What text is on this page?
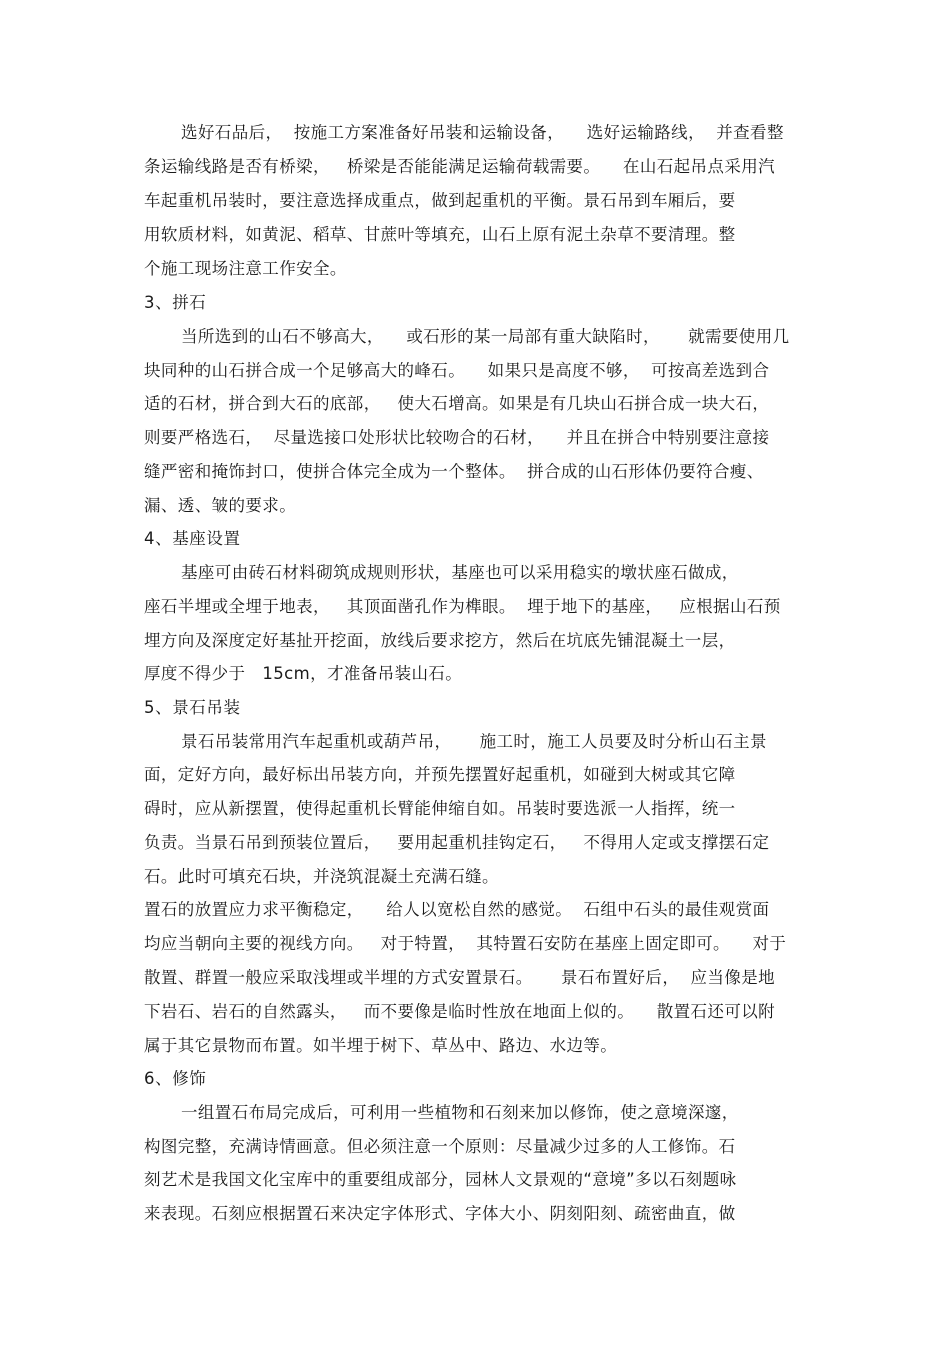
选好石品后，  按施工方案准备好吊装和运输设备，    选好运输路线，  并查看整
条运输线路是否有桥梁，   桥梁是否能能满足运输荷载需要。    在山石起吊点采用汽
车起重机吊装时，要注意选择成重点，做到起重机的平衡。景石吊到车厢后，要
用软质材料，如黄泥、稻草、甘蔗叶等填充，山石上原有泥土杂草不要清理。整
个施工现场注意工作安全。
3、拼石
当所选到的山石不够高大，    或石形的某一局部有重大缺陷时，     就需要使用几
块同种的山石拼合成一个足够高大的峰石。    如果只是高度不够，  可按高差选到合
适的石材，拼合到大石的底部，   使大石增高。如果是有几块山石拼合成一块大石，
则要严格选石，  尽量选接口处形状比较吻合的石材，    并且在拼合中特别要注意接
缝严密和掩饰封口，使拼合体完全成为一个整体。  拼合成的山石形体仍要符合瘦、
漏、透、皱的要求。
4、基座设置
基座可由砖石材料砌筑成规则形状，基座也可以采用稳实的墩状座石做成，
座石半埋或全埋于地表，   其顶面凿孔作为榫眼。  埋于地下的基座，   应根据山石预
埋方向及深度定好基扯开挖面，放线后要求挖方，然后在坑底先铺混凝土一层，
厚度不得少于   15cm，才准备吊装山石。
5、景石吊装
景石吊装常用汽车起重机或葫芦吊，     施工时，施工人员要及时分析山石主景
面，定好方向，最好标出吊装方向，并预先摆置好起重机，如碰到大树或其它障
碍时，应从新摆置，使得起重机长臂能伸缩自如。吊装时要选派一人指挥，统一
负责。当景石吊到预装位置后，   要用起重机挂钩定石，   不得用人定或支撑摆石定
石。此时可填充石块，并浇筑混凝土充满石缝。
置石的放置应力求平衡稳定，    给人以宽松自然的感觉。  石组中石头的最佳观赏面
均应当朝向主要的视线方向。   对于特置，  其特置石安防在基座上固定即可。    对于
散置、群置一般应采取浅埋或半埋的方式安置景石。     景石布置好后，  应当像是地
下岩石、岩石的自然露头，   而不要像是临时性放在地面上似的。    散置石还可以附
属于其它景物而布置。如半埋于树下、草丛中、路边、水边等。
6、修饰
一组置石布局完成后，可利用一些植物和石刻来加以修饰，使之意境深邃，
构图完整，充满诗情画意。但必须注意一个原则：尽量减少过多的人工修饰。石
刻艺术是我国文化宝库中的重要组成部分，园林人文景观的“意境”多以石刻题咏
来表现。石刻应根据置石来决定字体形式、字体大小、阴刻阳刻、疏密曲直，做
